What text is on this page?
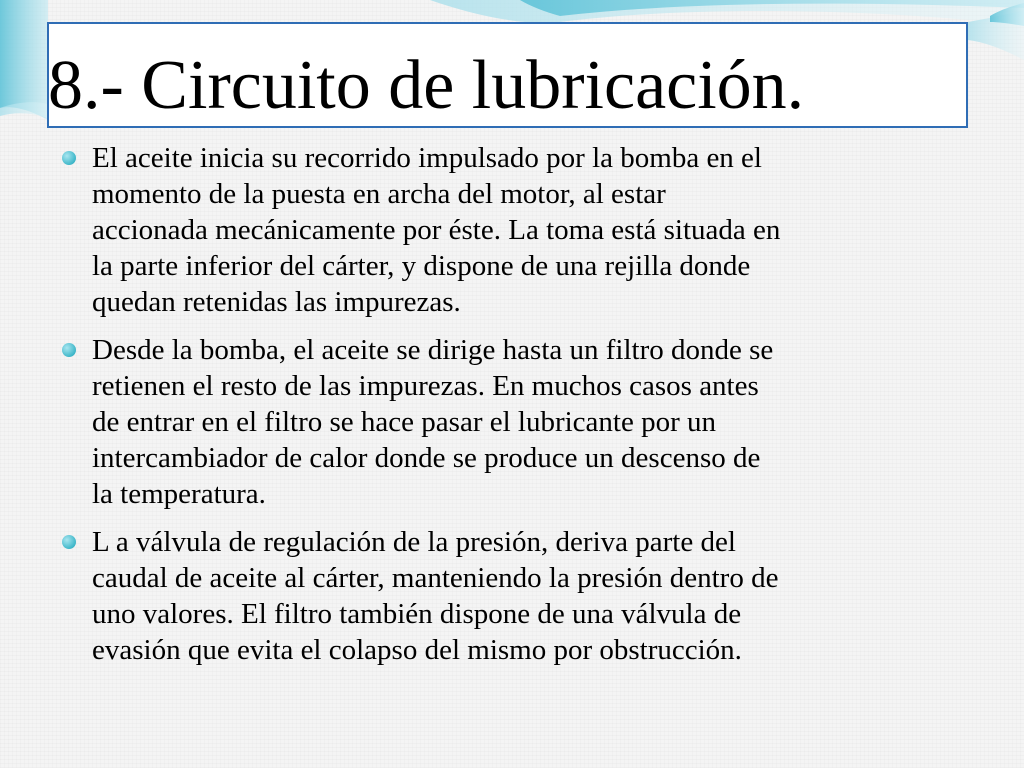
8.- Circuito de lubricación.
El aceite inicia su recorrido impulsado por la bomba en el
momento de la puesta en archa del motor, al estar
accionada mecánicamente por éste. La toma está situada en
la parte inferior del cárter, y dispone de una rejilla donde
quedan retenidas las impurezas.
Desde la bomba, el aceite se dirige hasta un filtro donde se
retienen el resto de las impurezas. En muchos casos antes
de entrar en el filtro se hace pasar el lubricante por un
intercambiador de calor donde se produce un descenso de
la temperatura.
L a válvula de regulación de la presión, deriva parte del
caudal de aceite al cárter, manteniendo la presión dentro de
uno valores. El filtro también dispone de una válvula de
evasión que evita el colapso del mismo por obstrucción.
